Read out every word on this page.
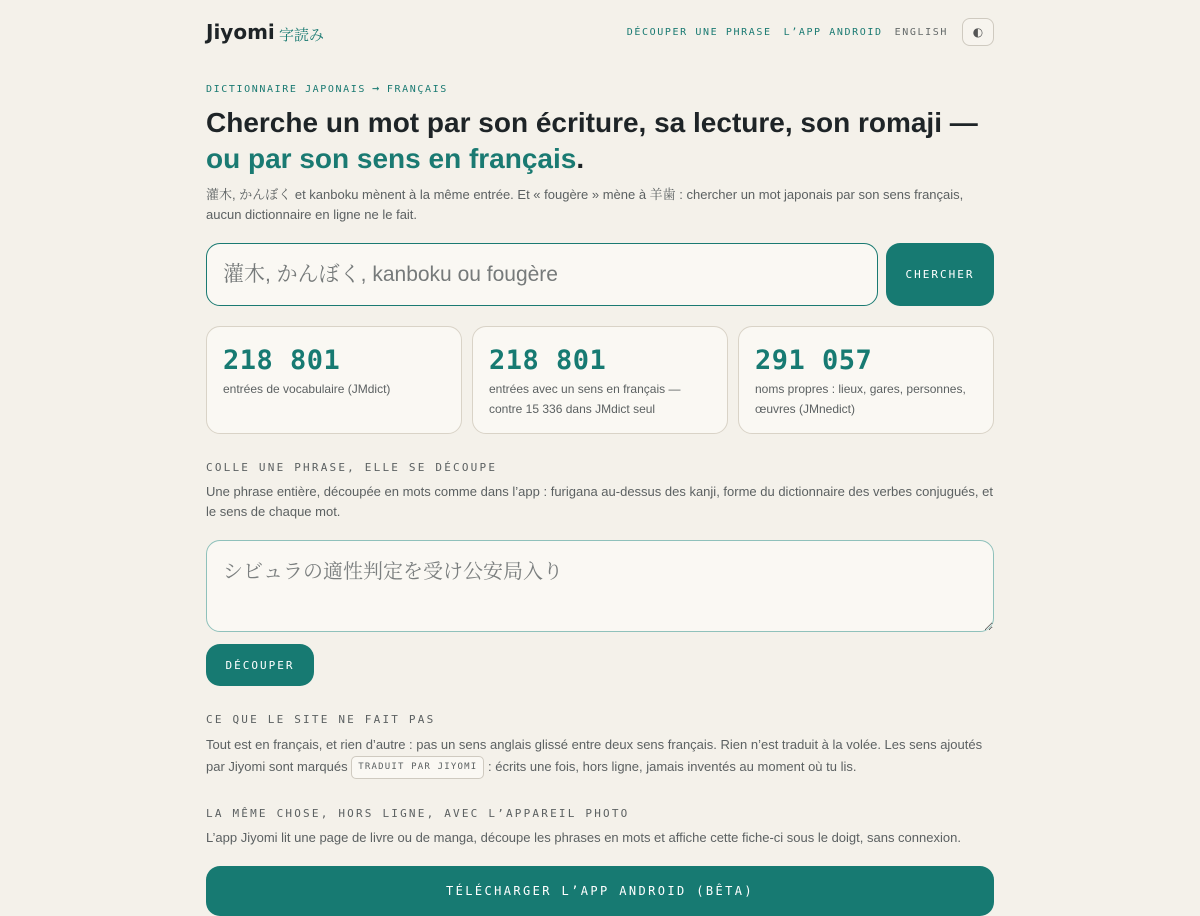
Jiyomi 字読み	DÉCOUPER UNE PHRASE L’APP ANDROID ENGLISH ◐
DICTIONNAIRE JAPONAIS → FRANÇAIS
Cherche un mot par son écriture, sa lecture, son romaji — ou par son sens en français.

灌木, かんぼく et kanboku mènent à la même entrée. Et « fougère » mène à 羊歯 : chercher un mot japonais par son sens français, aucun dictionnaire en ligne ne le fait.

灌木, かんぼく, kanboku ou fougère
CHERCHER
218 801
entrées de vocabulaire (JMdict)
218 801
entrées avec un sens en français — contre 15 336 dans JMdict seul
291 057
noms propres : lieux, gares, personnes, œuvres (JMnedict)
COLLE UNE PHRASE, ELLE SE DÉCOUPE

Une phrase entière, découpée en mots comme dans l’app : furigana au-dessus des kanji, forme du dictionnaire des verbes conjugués, et le sens de chaque mot.

シビュラの適性判定を受け公安局入り
DÉCOUPER
CE QUE LE SITE NE FAIT PAS

Tout est en français, et rien d’autre : pas un sens anglais glissé entre deux sens français. Rien n’est traduit à la volée. Les sens ajoutés par Jiyomi sont marqués TRADUIT PAR JIYOMI : écrits une fois, hors ligne, jamais inventés au moment où tu lis.

LA MÊME CHOSE, HORS LIGNE, AVEC L’APPAREIL PHOTO

L’app Jiyomi lit une page de livre ou de manga, découpe les phrases en mots et affiche cette fiche-ci sous le doigt, sans connexion.

TÉLÉCHARGER L’APP ANDROID (BÊTA)
